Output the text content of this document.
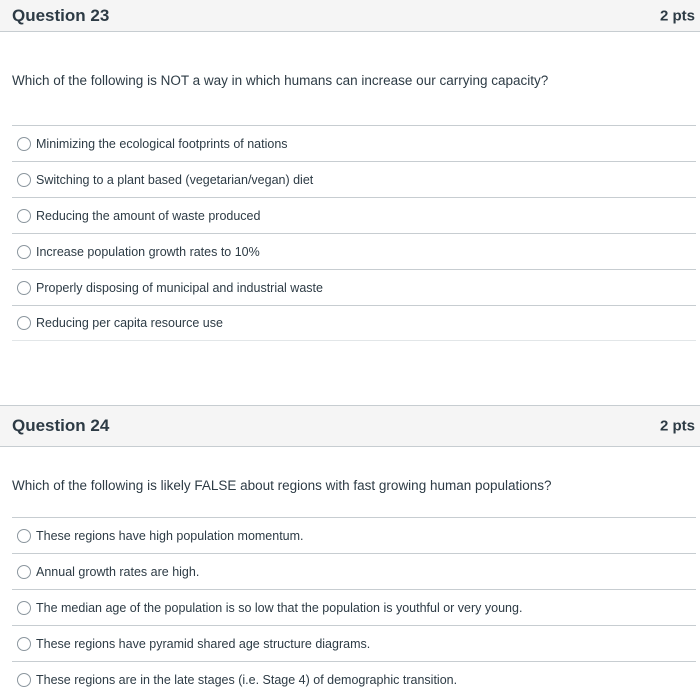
Question 23	2 pts
Which of the following is NOT a way in which humans can increase our carrying capacity?
Minimizing the ecological footprints of nations
Switching to a plant based (vegetarian/vegan) diet
Reducing the amount of waste produced
Increase population growth rates to 10%
Properly disposing of municipal and industrial waste
Reducing per capita resource use
Question 24	2 pts
Which of the following is likely FALSE about regions with fast growing human populations?
These regions have high population momentum.
Annual growth rates are high.
The median age of the population is so low that the population is youthful or very young.
These regions have pyramid shared age structure diagrams.
These regions are in the late stages (i.e. Stage 4) of demographic transition.
